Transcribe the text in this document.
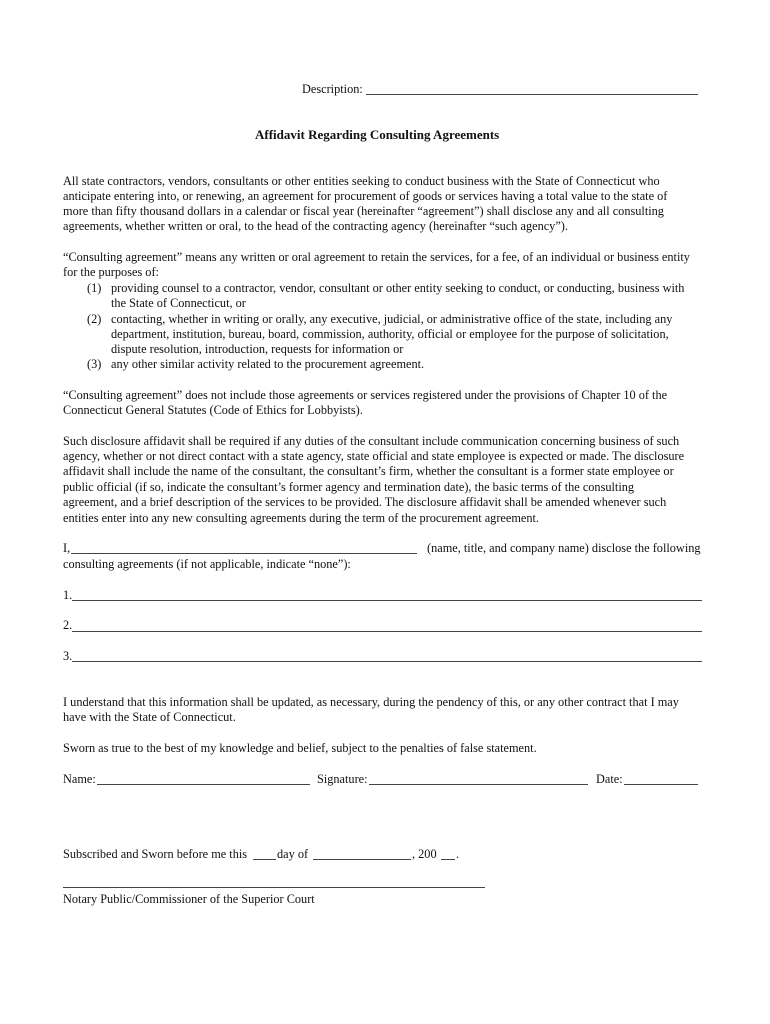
Description:
Affidavit Regarding Consulting Agreements
All state contractors, vendors, consultants or other entities seeking to conduct business with the State of Connecticut who
anticipate entering into, or renewing, an agreement for procurement of goods or services having a total value to the state of
more than fifty thousand dollars in a calendar or fiscal year (hereinafter “agreement”) shall disclose any and all consulting
agreements, whether written or oral, to the head of the contracting agency (hereinafter “such agency”).
“Consulting agreement” means any written or oral agreement to retain the services, for a fee, of an individual or business entity
for the purposes of:
(1) providing counsel to a contractor, vendor, consultant or other entity seeking to conduct, or conducting, business with
the State of Connecticut, or
(2) contacting, whether in writing or orally, any executive, judicial, or administrative office of the state, including any
department, institution, bureau, board, commission, authority, official or employee for the purpose of solicitation,
dispute resolution, introduction, requests for information or
(3) any other similar activity related to the procurement agreement.
“Consulting agreement” does not include those agreements or services registered under the provisions of Chapter 10 of the
Connecticut General Statutes (Code of Ethics for Lobbyists).
Such disclosure affidavit shall be required if any duties of the consultant include communication concerning business of such
agency, whether or not direct contact with a state agency, state official and state employee is expected or made. The disclosure
affidavit shall include the name of the consultant, the consultant’s firm, whether the consultant is a former state employee or
public official (if so, indicate the consultant’s former agency and termination date), the basic terms of the consulting
agreement, and a brief description of the services to be provided. The disclosure affidavit shall be amended whenever such
entities enter into any new consulting agreements during the term of the procurement agreement.
I,	(name, title, and company name) disclose the following
consulting agreements (if not applicable, indicate “none”):
1.
2.
3.
I understand that this information shall be updated, as necessary, during the pendency of this, or any other contract that I may
have with the State of Connecticut.
Sworn as true to the best of my knowledge and belief, subject to the penalties of false statement.
Name:	Signature:	Date:
Subscribed and Sworn before me this day of	, 200 .
Notary Public/Commissioner of the Superior Court
